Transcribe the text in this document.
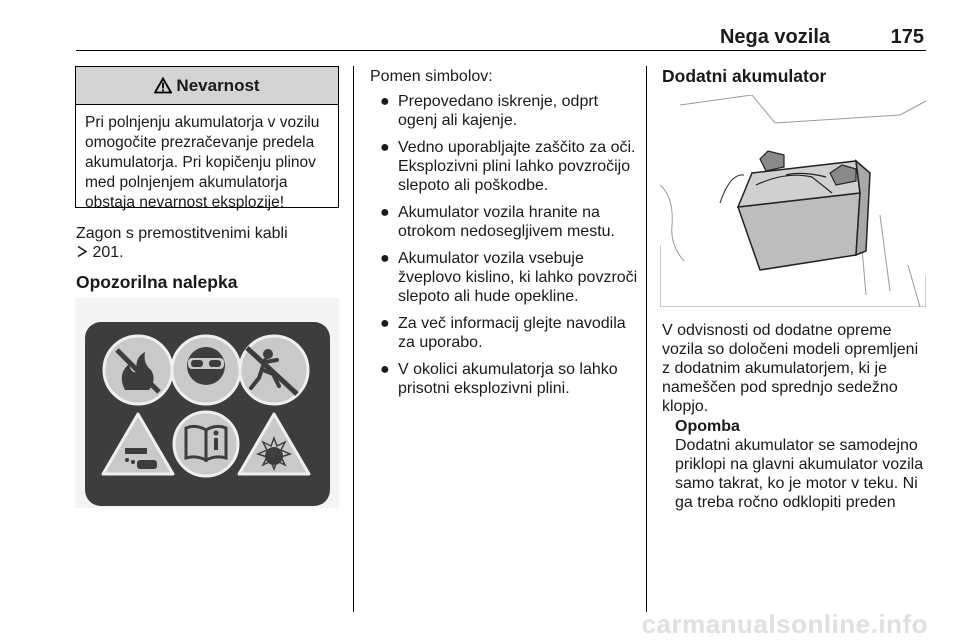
Nega vozila	175
Nevarnost
Pri polnjenju akumulatorja v vozilu omogočite prezračevanje predela akumulatorja. Pri kopičenju plinov med polnjenjem akumulatorja obstaja nevarnost eksplozije!
Zagon s premostitvenimi kabli
201.
Opozorilna nalepka
Pomen simbolov:
● Prepovedano iskrenje, odprt ogenj ali kajenje.
● Vedno uporabljajte zaščito za oči. Eksplozivni plini lahko povzročijo slepoto ali poškodbe.
● Akumulator vozila hranite na otrokom nedosegljivem mestu.
● Akumulator vozila vsebuje žveplovo kislino, ki lahko povzroči slepoto ali hude opekline.
● Za več informacij glejte navodila za uporabo.
● V okolici akumulatorja so lahko prisotni eksplozivni plini.
Dodatni akumulator
V odvisnosti od dodatne opreme vozila so določeni modeli opremljeni z dodatnim akumulatorjem, ki je nameščen pod sprednjo sedežno klopjo.
Opomba
Dodatni akumulator se samodejno priklopi na glavni akumulator vozila samo takrat, ko je motor v teku. Ni ga treba ročno odklopiti preden
carmanualsonline.info
